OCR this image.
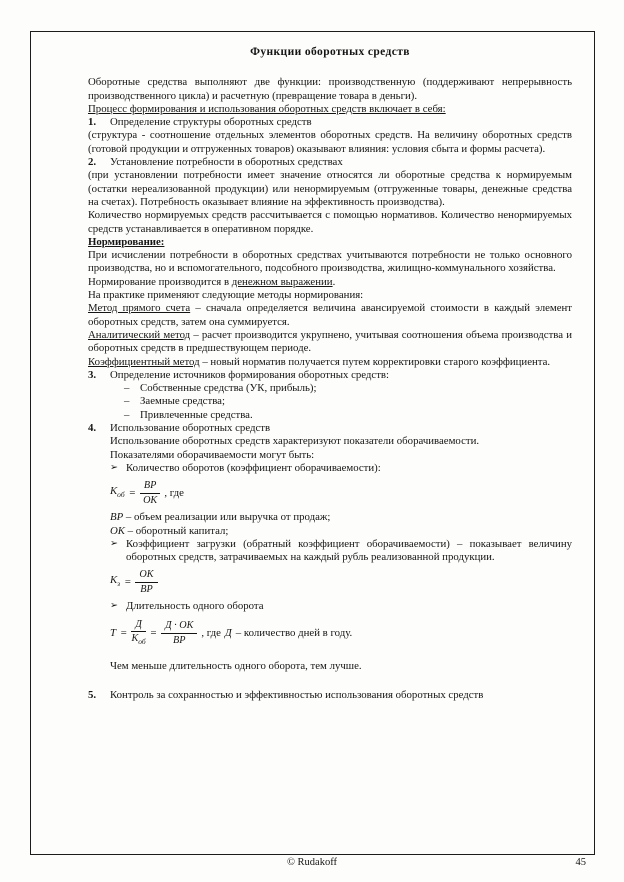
Функции оборотных средств

Оборотные средства выполняют две функции: производственную (поддерживают непрерывность производственного цикла) и расчетную (превращение товара в деньги).

Процесс формирования и использования оборотных средств включает в себя:

1.	Определение структуры оборотных средств

(структура - соотношение отдельных элементов оборотных средств. На величину оборотных средств (готовой продукции и отгруженных товаров) оказывают влияния: условия сбыта и формы расчета).

2.	Установление потребности в оборотных средствах

(при установлении потребности имеет значение относятся ли оборотные средства к нормируемым (остатки нереализованной продукции) или ненормируемым (отгруженные товары, денежные средства на счетах). Потребность оказывает влияние на эффективность производства).

Количество нормируемых средств рассчитывается с помощью нормативов. Количество ненормируемых средств устанавливается в оперативном порядке.

Нормирование:

При исчислении потребности в оборотных средствах учитываются потребности не только основного производства, но и вспомогательного, подсобного производства, жилищно-коммунального хозяйства.

Нормирование производится в денежном выражении.

На практике применяют следующие методы нормирования:

Метод прямого счета – сначала определяется величина авансируемой стоимости в каждый элемент оборотных средств, затем она суммируется.

Аналитический метод – расчет производится укрупнено, учитывая соотношения объема производства и оборотных средств в предшествующем периоде.

Коэффициентный метод – новый норматив получается путем корректировки старого коэффициента.

3.	Определение источников формирования оборотных средств:
– Собственные средства (УК, прибыль);
– Заемные средства;
– Привлеченные средства.
4.	Использование оборотных средств

Использование оборотных средств характеризуют показатели оборачиваемости.

Показателями оборачиваемости могут быть:

➢ Количество оборотов (коэффициент оборачиваемости):
$К_{об} = \frac{ВР}{ОК}$ , где

ВР – объем реализации или выручка от продаж;

ОК – оборотный капитал;

➢ Коэффициент загрузки (обратный коэффициент оборачиваемости) – показывает величину оборотных средств, затрачиваемых на каждый рубль реализованной продукции.
$К_з = \frac{ОК}{ВР}$
➢ Длительность одного оборота
$Т = \frac{Д}{К_{об}} = \frac{Д \cdot ОК}{ВР}$ , где Д – количество дней в году.

Чем меньше длительность одного оборота, тем лучше.

5.	Контроль за сохранностью и эффективностью использования оборотных средств
© Rudakoff	45
